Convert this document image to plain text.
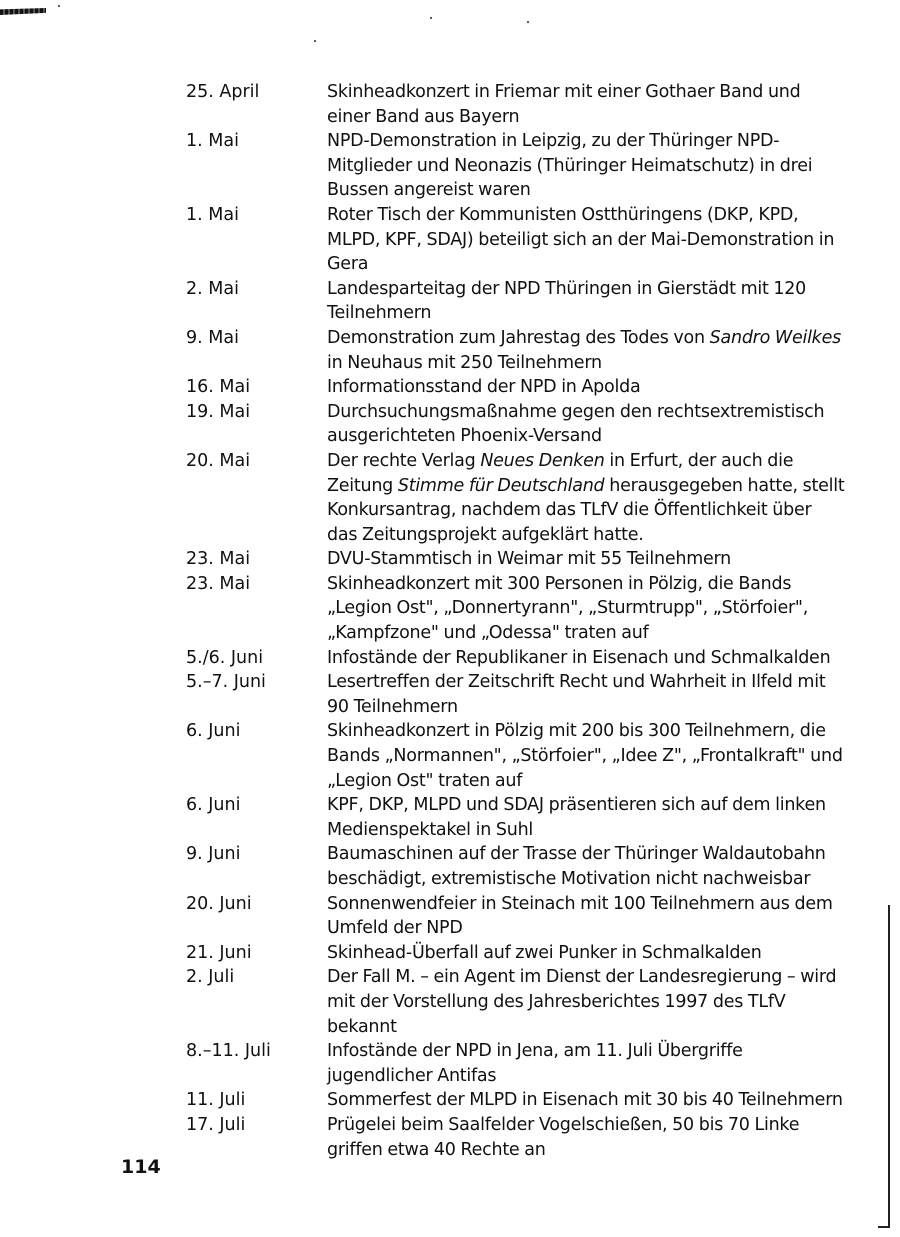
25. April	Skinheadkonzert in Friemar mit einer Gothaer Band und einer Band aus Bayern
1. Mai	NPD-Demonstration in Leipzig, zu der Thüringer NPD-Mitglieder und Neonazis (Thüringer Heimatschutz) in drei Bussen angereist waren
1. Mai	Roter Tisch der Kommunisten Ostthüringens (DKP, KPD, MLPD, KPF, SDAJ) beteiligt sich an der Mai-Demonstration in Gera
2. Mai	Landesparteitag der NPD Thüringen in Gierstädt mit 120 Teilnehmern
9. Mai	Demonstration zum Jahrestag des Todes von Sandro Weilkes in Neuhaus mit 250 Teilnehmern
16. Mai	Informationsstand der NPD in Apolda
19. Mai	Durchsuchungsmaßnahme gegen den rechtsextremistisch ausgerichteten Phoenix-Versand
20. Mai	Der rechte Verlag Neues Denken in Erfurt, der auch die Zeitung Stimme für Deutschland herausgegeben hatte, stellt Konkursantrag, nachdem das TLfV die Öffentlichkeit über das Zeitungsprojekt aufgeklärt hatte.
23. Mai	DVU-Stammtisch in Weimar mit 55 Teilnehmern
23. Mai	Skinheadkonzert mit 300 Personen in Pölzig, die Bands „Legion Ost", „Donnertyrann", „Sturmtrupp", „Störfoier", „Kampfzone" und „Odessa" traten auf
5./6. Juni	Infostände der Republikaner in Eisenach und Schmalkalden
5.–7. Juni	Lesertreffen der Zeitschrift Recht und Wahrheit in Ilfeld mit 90 Teilnehmern
6. Juni	Skinheadkonzert in Pölzig mit 200 bis 300 Teilnehmern, die Bands „Normannen", „Störfoier", „Idee Z", „Frontalkraft" und „Legion Ost" traten auf
6. Juni	KPF, DKP, MLPD und SDAJ präsentieren sich auf dem linken Medienspektakel in Suhl
9. Juni	Baumaschinen auf der Trasse der Thüringer Waldautobahn beschädigt, extremistische Motivation nicht nachweisbar
20. Juni	Sonnenwendfeier in Steinach mit 100 Teilnehmern aus dem Umfeld der NPD
21. Juni	Skinhead-Überfall auf zwei Punker in Schmalkalden
2. Juli	Der Fall M. – ein Agent im Dienst der Landesregierung – wird mit der Vorstellung des Jahresberichtes 1997 des TLfV bekannt
8.–11. Juli	Infostände der NPD in Jena, am 11. Juli Übergriffe jugendlicher Antifas
11. Juli	Sommerfest der MLPD in Eisenach mit 30 bis 40 Teilnehmern
17. Juli	Prügelei beim Saalfelder Vogelschießen, 50 bis 70 Linke griffen etwa 40 Rechte an
114
